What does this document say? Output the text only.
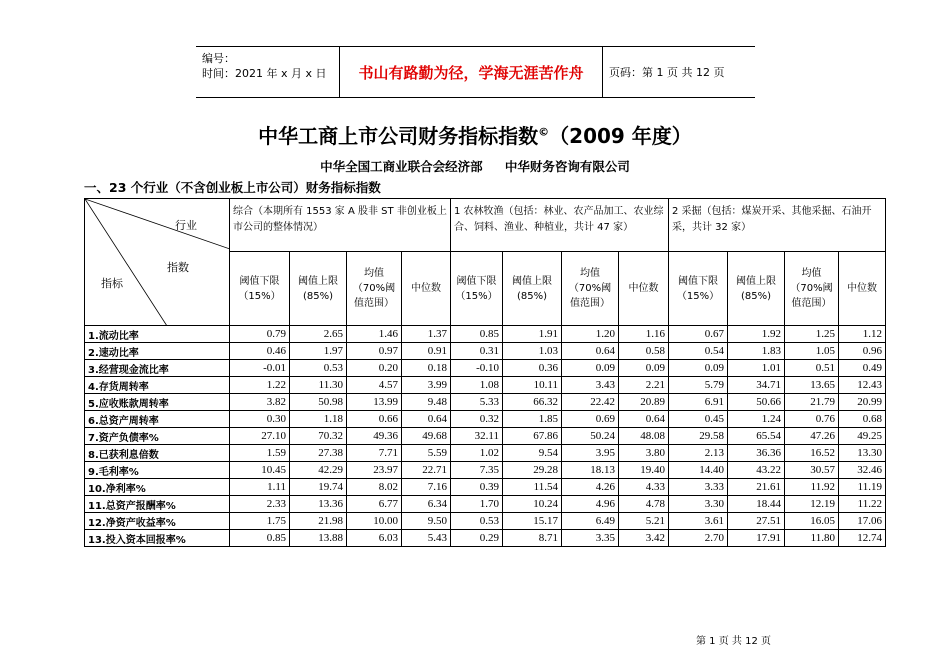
编号：
时间：2021 年 x 月 x 日	书山有路勤为径，学海无涯苦作舟	页码：第 1 页 共 12 页
中华工商上市公司财务指标指数©（2009 年度）
中华全国工商业联合会经济部 中华财务咨询有限公司
一、23 个行业（不含创业板上市公司）财务指标指数
行业
指数
指标	综合（本期所有 1553 家 A 股非 ST 非创业板上市公司的整体情况）				1 农林牧渔（包括：林业、农产品加工、农业综合、饲料、渔业、种植业，共计 47 家）				2 采掘（包括：煤炭开采、其他采掘、石油开采，共计 32 家）			
	阈值下限（15%）	阈值上限(85%)	均值（70%阈值范围）	中位数	阈值下限（15%）	阈值上限(85%)	均值（70%阈值范围）	中位数	阈值下限（15%）	阈值上限(85%)	均值（70%阈值范围）	中位数
1.流动比率	0.79	2.65	1.46	1.37	0.85	1.91	1.20	1.16	0.67	1.92	1.25	1.12
2.速动比率	0.46	1.97	0.97	0.91	0.31	1.03	0.64	0.58	0.54	1.83	1.05	0.96
3.经营现金流比率	-0.01	0.53	0.20	0.18	-0.10	0.36	0.09	0.09	0.09	1.01	0.51	0.49
4.存货周转率	1.22	11.30	4.57	3.99	1.08	10.11	3.43	2.21	5.79	34.71	13.65	12.43
5.应收账款周转率	3.82	50.98	13.99	9.48	5.33	66.32	22.42	20.89	6.91	50.66	21.79	20.99
6.总资产周转率	0.30	1.18	0.66	0.64	0.32	1.85	0.69	0.64	0.45	1.24	0.76	0.68
7.资产负债率%	27.10	70.32	49.36	49.68	32.11	67.86	50.24	48.08	29.58	65.54	47.26	49.25
8.已获利息倍数	1.59	27.38	7.71	5.59	1.02	9.54	3.95	3.80	2.13	36.36	16.52	13.30
9.毛利率%	10.45	42.29	23.97	22.71	7.35	29.28	18.13	19.40	14.40	43.22	30.57	32.46
10.净利率%	1.11	19.74	8.02	7.16	0.39	11.54	4.26	4.33	3.33	21.61	11.92	11.19
11.总资产报酬率%	2.33	13.36	6.77	6.34	1.70	10.24	4.96	4.78	3.30	18.44	12.19	11.22
12.净资产收益率%	1.75	21.98	10.00	9.50	0.53	15.17	6.49	5.21	3.61	27.51	16.05	17.06
13.投入资本回报率%	0.85	13.88	6.03	5.43	0.29	8.71	3.35	3.42	2.70	17.91	11.80	12.74
第 1 页 共 12 页
